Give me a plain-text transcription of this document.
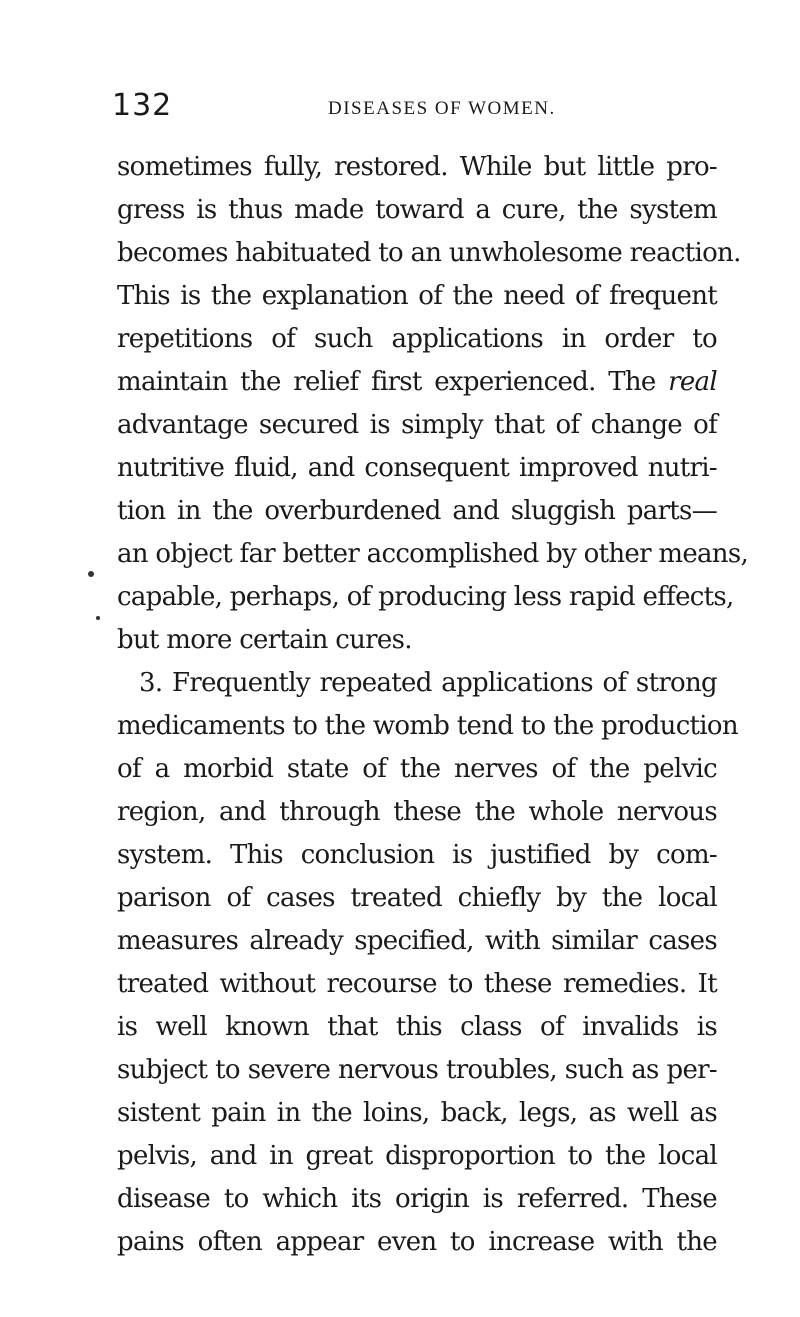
132	DISEASES OF WOMEN.
sometimes fully, restored. While but little pro-
gress is thus made toward a cure, the system
becomes habituated to an unwholesome reaction.
This is the explanation of the need of frequent
repetitions of such applications in order to
maintain the relief first experienced. The real
advantage secured is simply that of change of
nutritive fluid, and consequent improved nutri-
tion in the overburdened and sluggish parts—
an object far better accomplished by other means,
capable, perhaps, of producing less rapid effects,
but more certain cures.
3. Frequently repeated applications of strong
medicaments to the womb tend to the production
of a morbid state of the nerves of the pelvic
region, and through these the whole nervous
system. This conclusion is justified by com-
parison of cases treated chiefly by the local
measures already specified, with similar cases
treated without recourse to these remedies. It
is well known that this class of invalids is
subject to severe nervous troubles, such as per-
sistent pain in the loins, back, legs, as well as
pelvis, and in great disproportion to the local
disease to which its origin is referred. These
pains often appear even to increase with the
